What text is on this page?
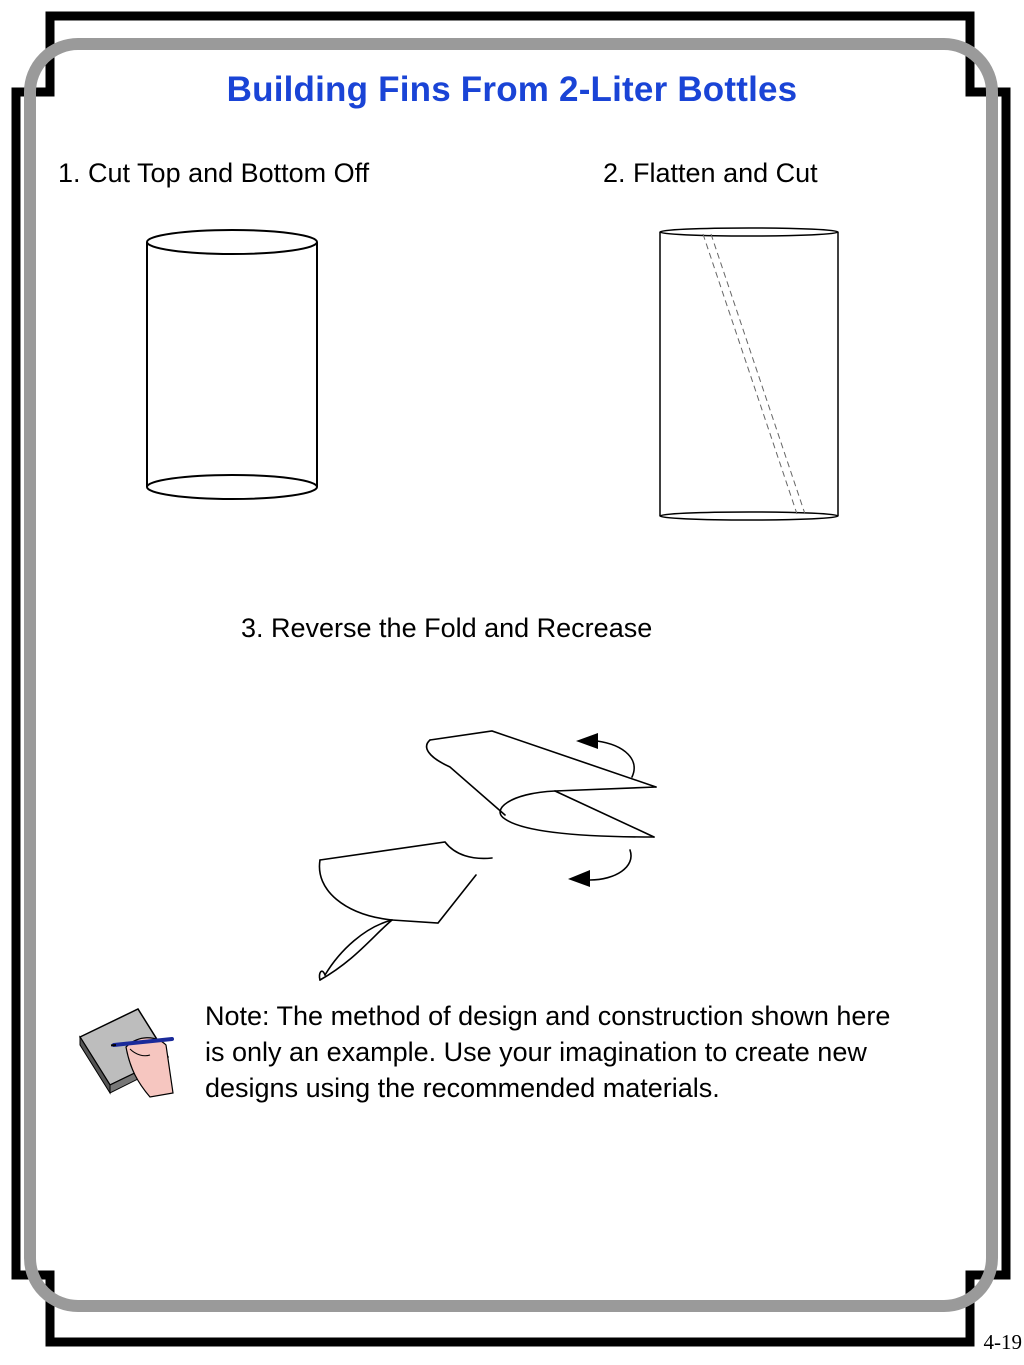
Building Fins From 2-Liter Bottles
1. Cut Top and Bottom Off	2. Flatten and Cut
3. Reverse the Fold and Recrease
Note: The method of design and construction shown here
is only an example. Use your imagination to create new
designs using the recommended materials.
4-19
